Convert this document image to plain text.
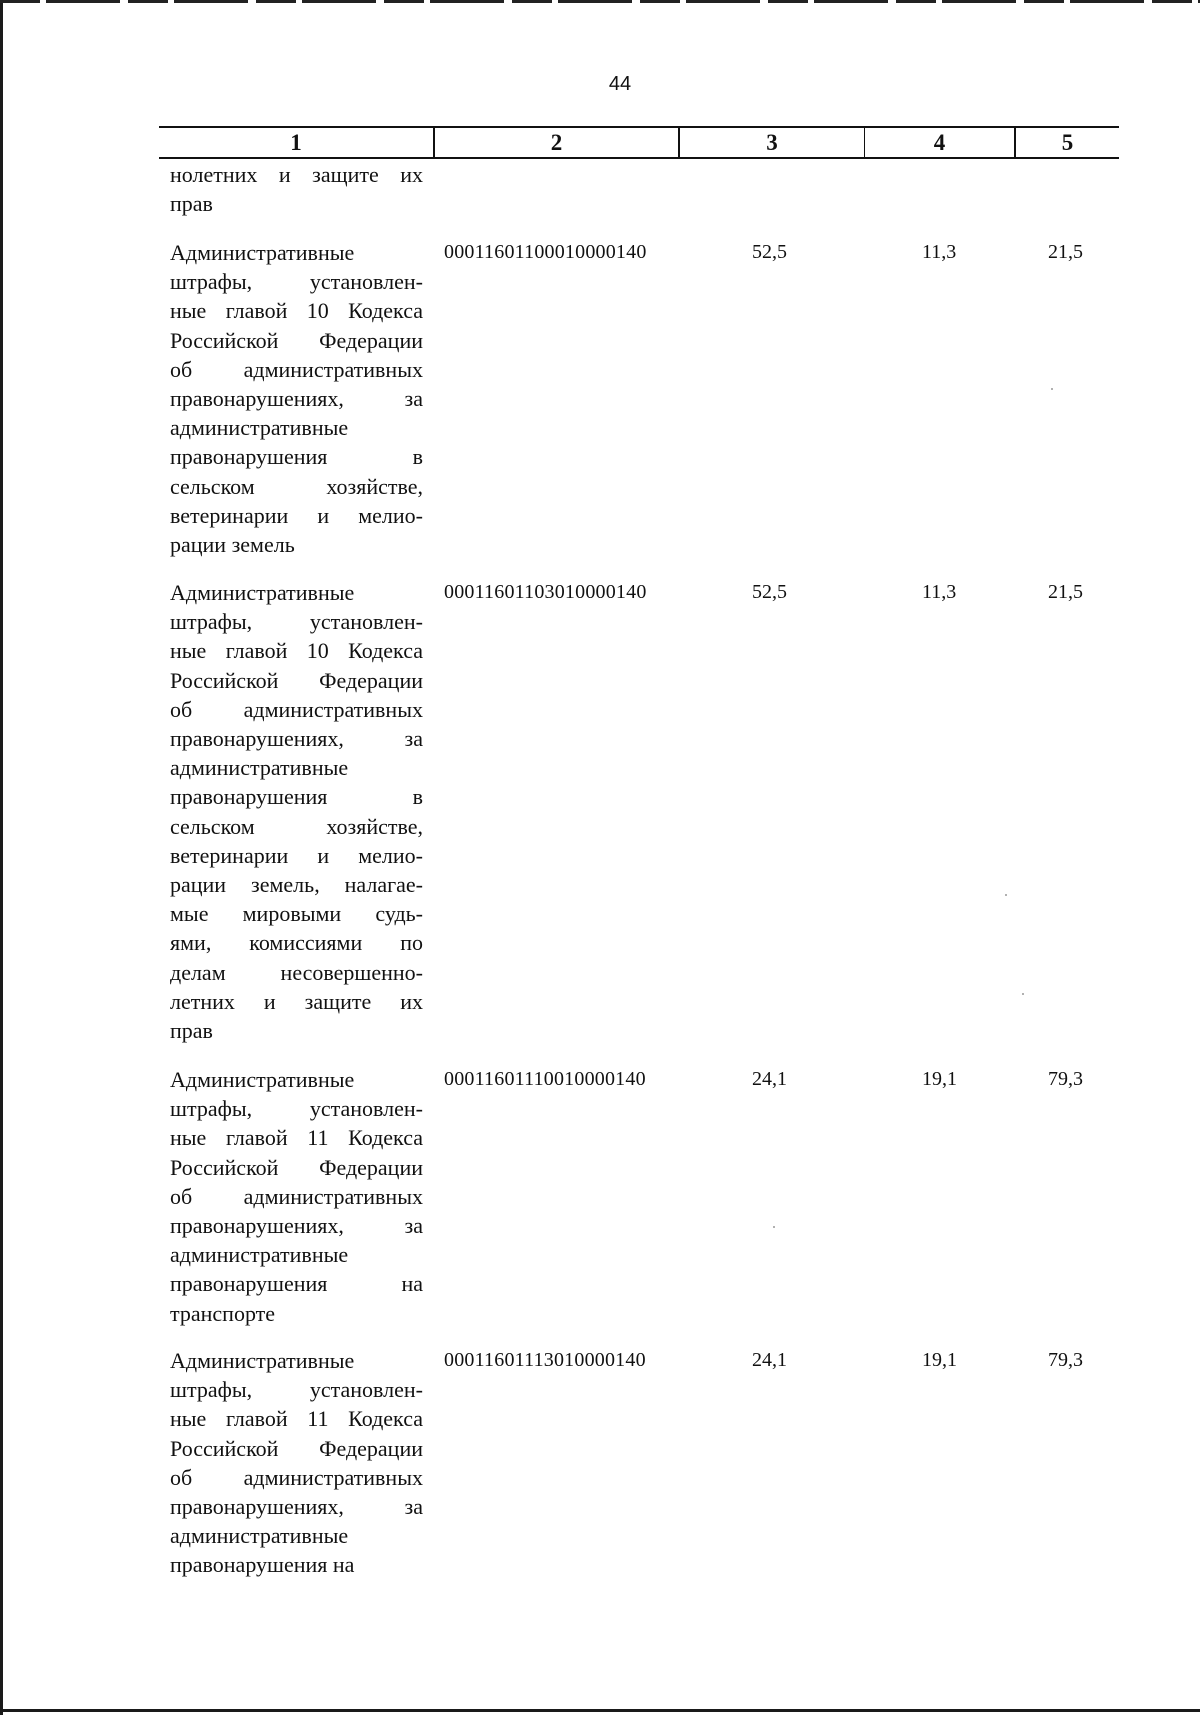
44
1	2	3	4	5
нолетних и защите их
прав
Административные
штрафы, установлен-
ные главой 10 Кодекса
Российской Федерации
об административных
правонарушениях, за
административные
правонарушения в
сельском хозяйстве,
ветеринарии и мелио-
рации земель
00011601100010000140	52,5	11,3	21,5
Административные
штрафы, установлен-
ные главой 10 Кодекса
Российской Федерации
об административных
правонарушениях, за
административные
правонарушения в
сельском хозяйстве,
ветеринарии и мелио-
рации земель, налагае-
мые мировыми судь-
ями, комиссиями по
делам несовершенно-
летних и защите их
прав
00011601103010000140	52,5	11,3	21,5
Административные
штрафы, установлен-
ные главой 11 Кодекса
Российской Федерации
об административных
правонарушениях, за
административные
правонарушения на
транспорте
00011601110010000140	24,1	19,1	79,3
Административные
штрафы, установлен-
ные главой 11 Кодекса
Российской Федерации
об административных
правонарушениях, за
административные
правонарушения на
00011601113010000140	24,1	19,1	79,3
